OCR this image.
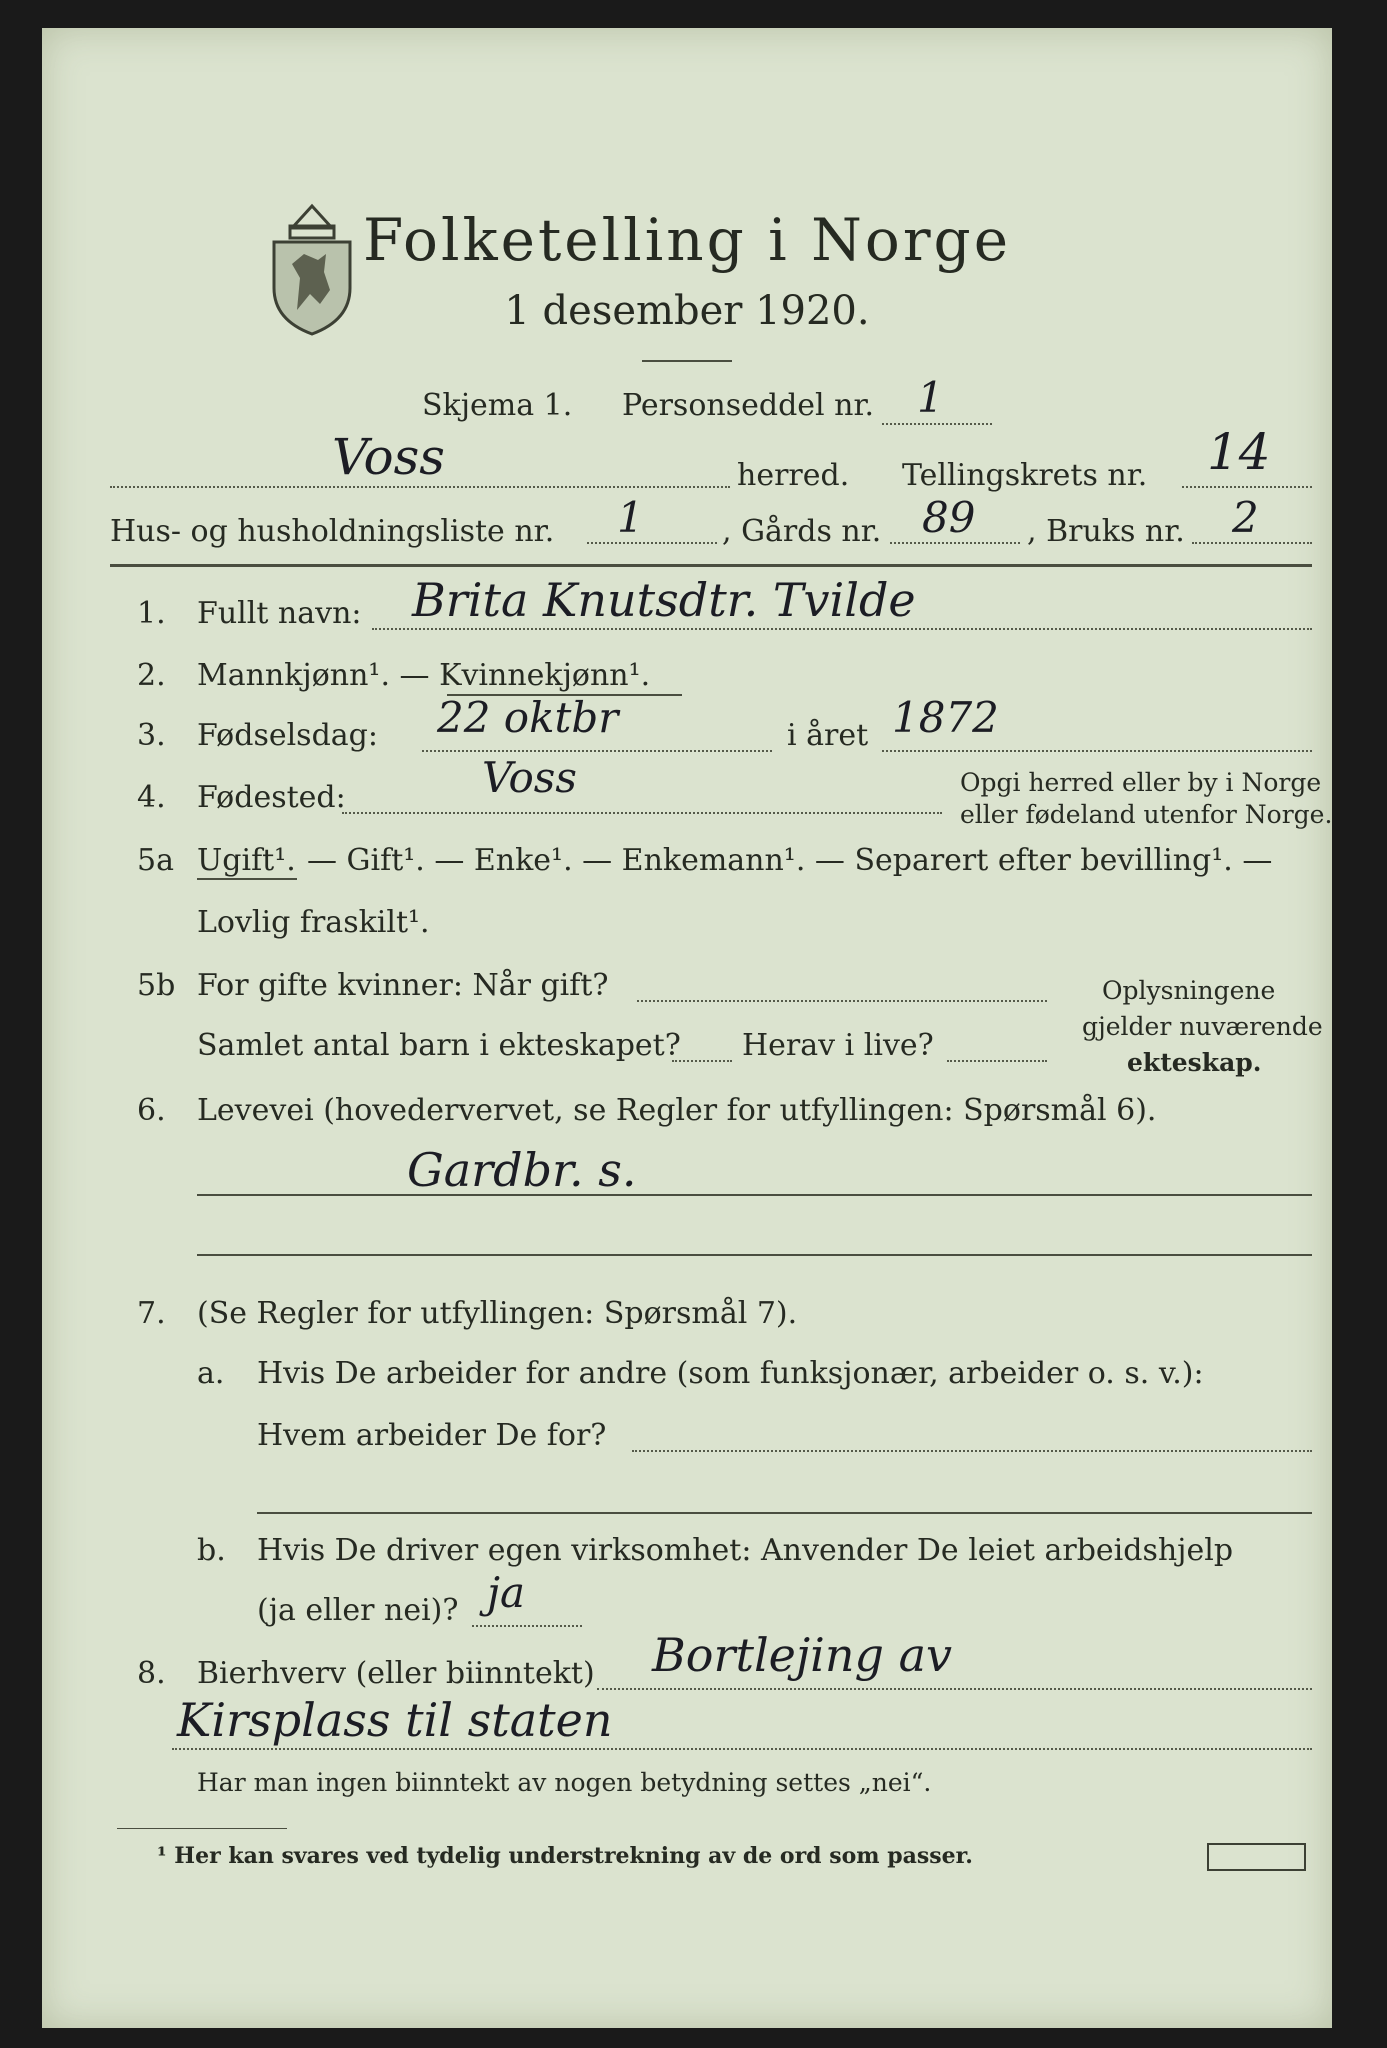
Folketelling i Norge
1 desember 1920.
Skjema 1. Personseddel nr. 1
Voss	herred. Tellingskrets nr. 14
Hus- og husholdningsliste nr. 1	, Gårds nr. 89 , Bruks nr. 2
1. Fullt navn: Brita Knutsdtr. Tvilde
2. Mannkjønn¹. — Kvinnekjønn¹.
3. Fødselsdag: 22 oktbr	i året 1872
4. Fødested:	Voss	Opgi herred eller by i Norge
eller fødeland utenfor Norge.
5a Ugift¹. — Gift¹. — Enke¹. — Enkemann¹. — Separert efter bevilling¹. —
Lovlig fraskilt¹.
5b For gifte kvinner: Når gift?
Samlet antal barn i ekteskapet? Herav i live?
Oplysningene
gjelder nuværende
ekteskap.
6. Levevei (hovedervervet, se Regler for utfyllingen: Spørsmål 6).
Gardbr. s.
7. (Se Regler for utfyllingen: Spørsmål 7).
a. Hvis De arbeider for andre (som funksjonær, arbeider o. s. v.):
Hvem arbeider De for?
b. Hvis De driver egen virksomhet: Anvender De leiet arbeidshjelp
(ja eller nei)? ja
8. Bierhverv (eller biinntekt) Bortlejing av
Kirsplass til staten
Har man ingen biinntekt av nogen betydning settes „nei“.
¹ Her kan svares ved tydelig understrekning av de ord som passer.
